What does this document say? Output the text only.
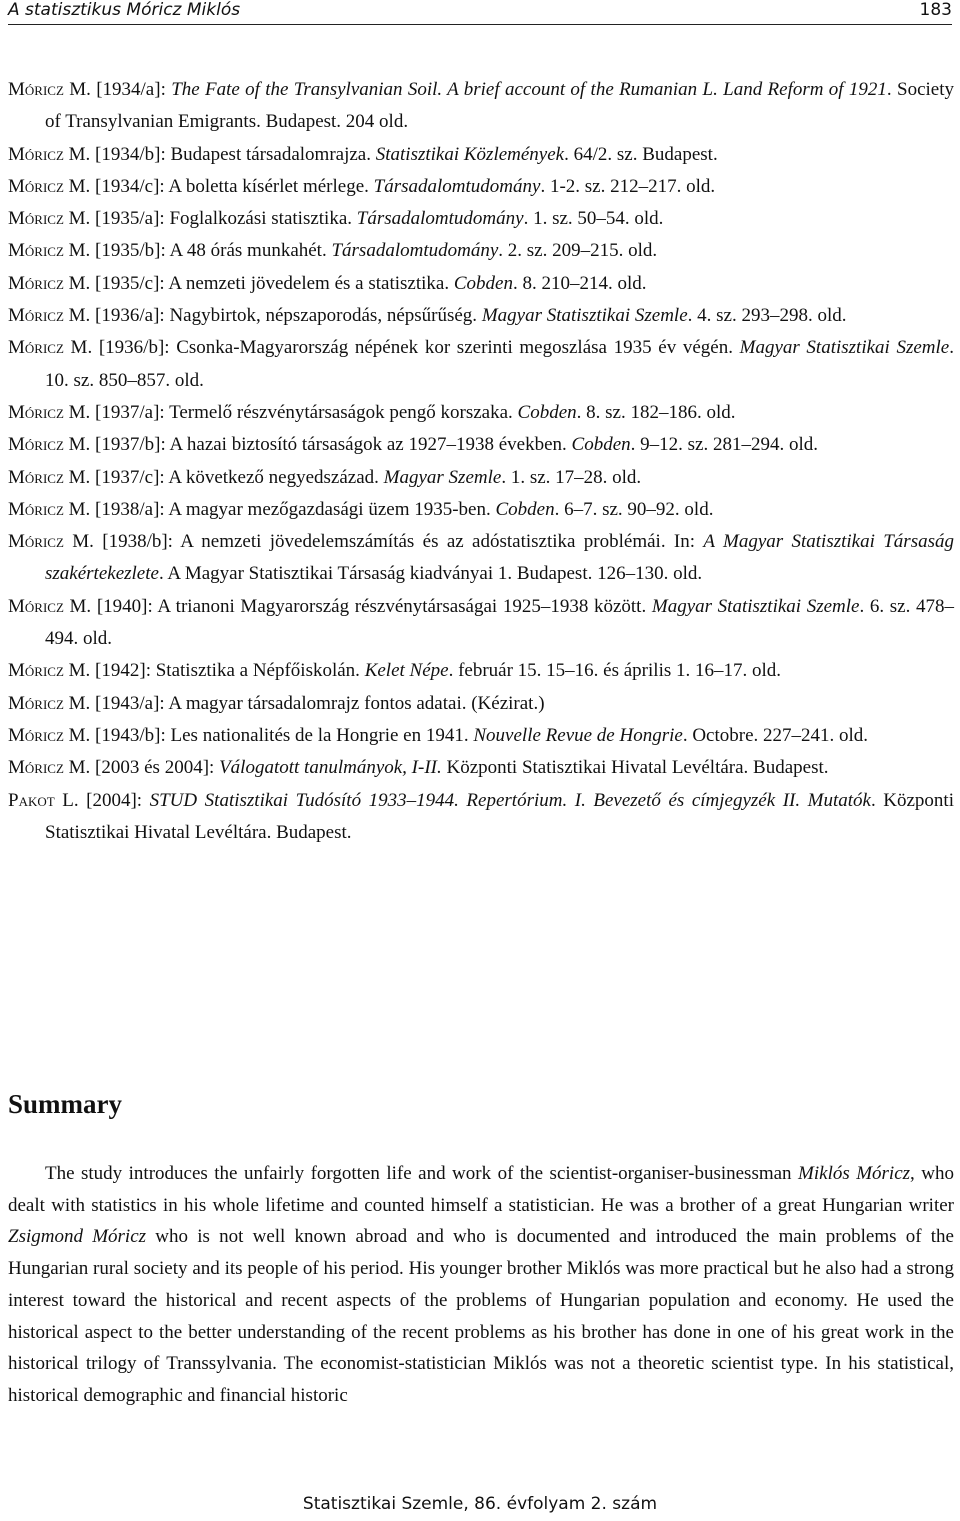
A statisztikus Móricz Miklós	183

Móricz M. [1934/a]: The Fate of the Transylvanian Soil. A brief account of the Rumanian L. Land Reform of 1921. Society of Transylvanian Emigrants. Budapest. 204 old.

Móricz M. [1934/b]: Budapest társadalomrajza. Statisztikai Közlemények. 64/2. sz. Budapest.

Móricz M. [1934/c]: A boletta kísérlet mérlege. Társadalomtudomány. 1-2. sz. 212–217. old.

Móricz M. [1935/a]: Foglalkozási statisztika. Társadalomtudomány. 1. sz. 50–54. old.

Móricz M. [1935/b]: A 48 órás munkahét. Társadalomtudomány. 2. sz. 209–215. old.

Móricz M. [1935/c]: A nemzeti jövedelem és a statisztika. Cobden. 8. 210–214. old.

Móricz M. [1936/a]: Nagybirtok, népszaporodás, népsűrűség. Magyar Statisztikai Szemle. 4. sz. 293–298. old.

Móricz M. [1936/b]: Csonka-Magyarország népének kor szerinti megoszlása 1935 év végén. Magyar Statisztikai Szemle. 10. sz. 850–857. old.

Móricz M. [1937/a]: Termelő részvénytársaságok pengő korszaka. Cobden. 8. sz. 182–186. old.

Móricz M. [1937/b]: A hazai biztosító társaságok az 1927–1938 években. Cobden. 9–12. sz. 281–294. old.

Móricz M. [1937/c]: A következő negyedszázad. Magyar Szemle. 1. sz. 17–28. old.

Móricz M. [1938/a]: A magyar mezőgazdasági üzem 1935-ben. Cobden. 6–7. sz. 90–92. old.

Móricz M. [1938/b]: A nemzeti jövedelemszámítás és az adóstatisztika problémái. In: A Magyar Statisztikai Társaság szakértekezlete. A Magyar Statisztikai Társaság kiadványai 1. Budapest. 126–130. old.

Móricz M. [1940]: A trianoni Magyarország részvénytársaságai 1925–1938 között. Magyar Statisztikai Szemle. 6. sz. 478–494. old.

Móricz M. [1942]: Statisztika a Népfőiskolán. Kelet Népe. február 15. 15–16. és április 1. 16–17. old.

Móricz M. [1943/a]: A magyar társadalomrajz fontos adatai. (Kézirat.)

Móricz M. [1943/b]: Les nationalités de la Hongrie en 1941. Nouvelle Revue de Hongrie. Octobre. 227–241. old.

Móricz M. [2003 és 2004]: Válogatott tanulmányok, I-II. Központi Statisztikai Hivatal Levéltára. Budapest.

Pakot L. [2004]: STUD Statisztikai Tudósító 1933–1944. Repertórium. I. Bevezető és címjegyzék II. Mutatók. Központi Statisztikai Hivatal Levéltára. Budapest.

Summary

The study introduces the unfairly forgotten life and work of the scientist-organiser-businessman Miklós Móricz, who dealt with statistics in his whole lifetime and counted himself a statistician. He was a brother of a great Hungarian writer Zsigmond Móricz who is not well known abroad and who is documented and introduced the main problems of the Hungarian rural society and its people of his period. His younger brother Miklós was more practical but he also had a strong interest toward the historical and recent aspects of the problems of Hungarian population and economy. He used the historical aspect to the better understanding of the recent problems as his brother has done in one of his great work in the historical trilogy of Transsylvania. The economist-statistician Miklós was not a theoretic scientist type. In his statistical, historical demographic and financial historic

Statisztikai Szemle, 86. évfolyam 2. szám
